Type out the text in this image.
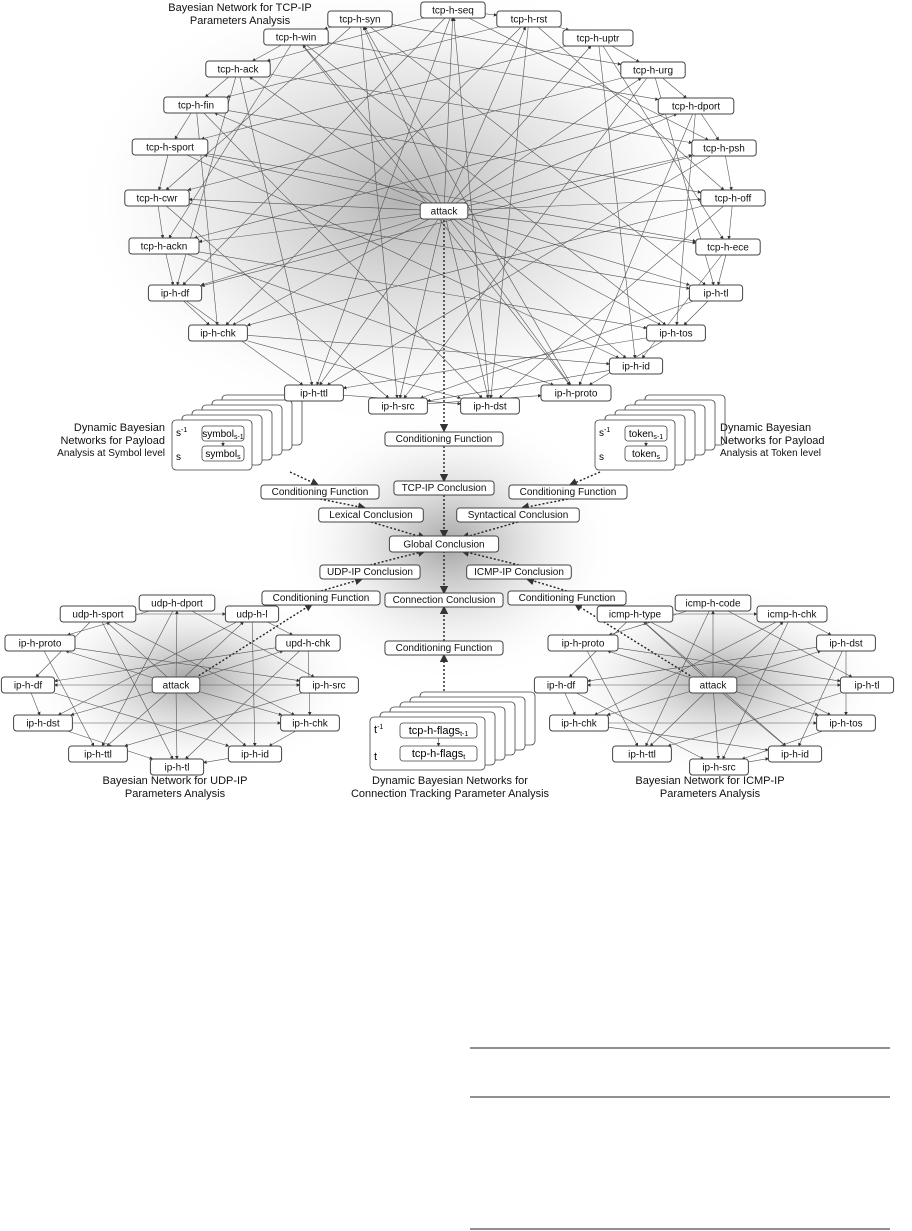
$s^{-1}$
s
symbol$_{s-1}$
symbol$_s$
$s^{-1}$
s
token$_{s-1}$
token$_s$
$t^{-1}$
t
tcp-h-flagst-1
tcp-h-flagst
tcp-h-seq
tcp-h-syn	tcp-h-rst
tcp-h-win	tcp-h-uptr
tcp-h-ack	tcp-h-urg
tcp-h-fin	tcp-h-dport
tcp-h-sport	tcp-h-psh
tcp-h-cwr	tcp-h-off
attack
tcp-h-ackn	tcp-h-ece
ip-h-df	ip-h-tl
ip-h-chk	ip-h-tos
ip-h-id
ip-h-ttl
ip-h-src	ip-h-dst
ip-h-proto
udp-h-dport
udp-h-sport	udp-h-l
ip-h-proto	upd-h-chk
ip-h-df	attack	ip-h-src
ip-h-dst	ip-h-chk
ip-h-ttl	ip-h-id
ip-h-tl
icmp-h-code
icmp-h-type	icmp-h-chk
ip-h-proto	ip-h-dst
ip-h-df	attack	ip-h-tl
ip-h-chk	ip-h-tos
ip-h-ttl
ip-h-src
ip-h-id
Conditioning Function
TCP-IP Conclusion
Conditioning Function	Conditioning Function
Lexical Conclusion	Syntactical Conclusion
Global Conclusion
UDP-IP Conclusion	ICMP-IP Conclusion
Conditioning Function Connection Conclusion Conditioning Function
Conditioning Function
Bayesian Network for TCP-IP
Parameters Analysis
Dynamic Bayesian
Networks for Payload
Analysis at Symbol level
Dynamic Bayesian
Networks for Payload
Analysis at Token level
Bayesian Network for UDP-IP
Parameters Analysis
Dynamic Bayesian Networks for
Connection Tracking Parameter Analysis
Bayesian Network for ICMP-IP
Parameters Analysis
